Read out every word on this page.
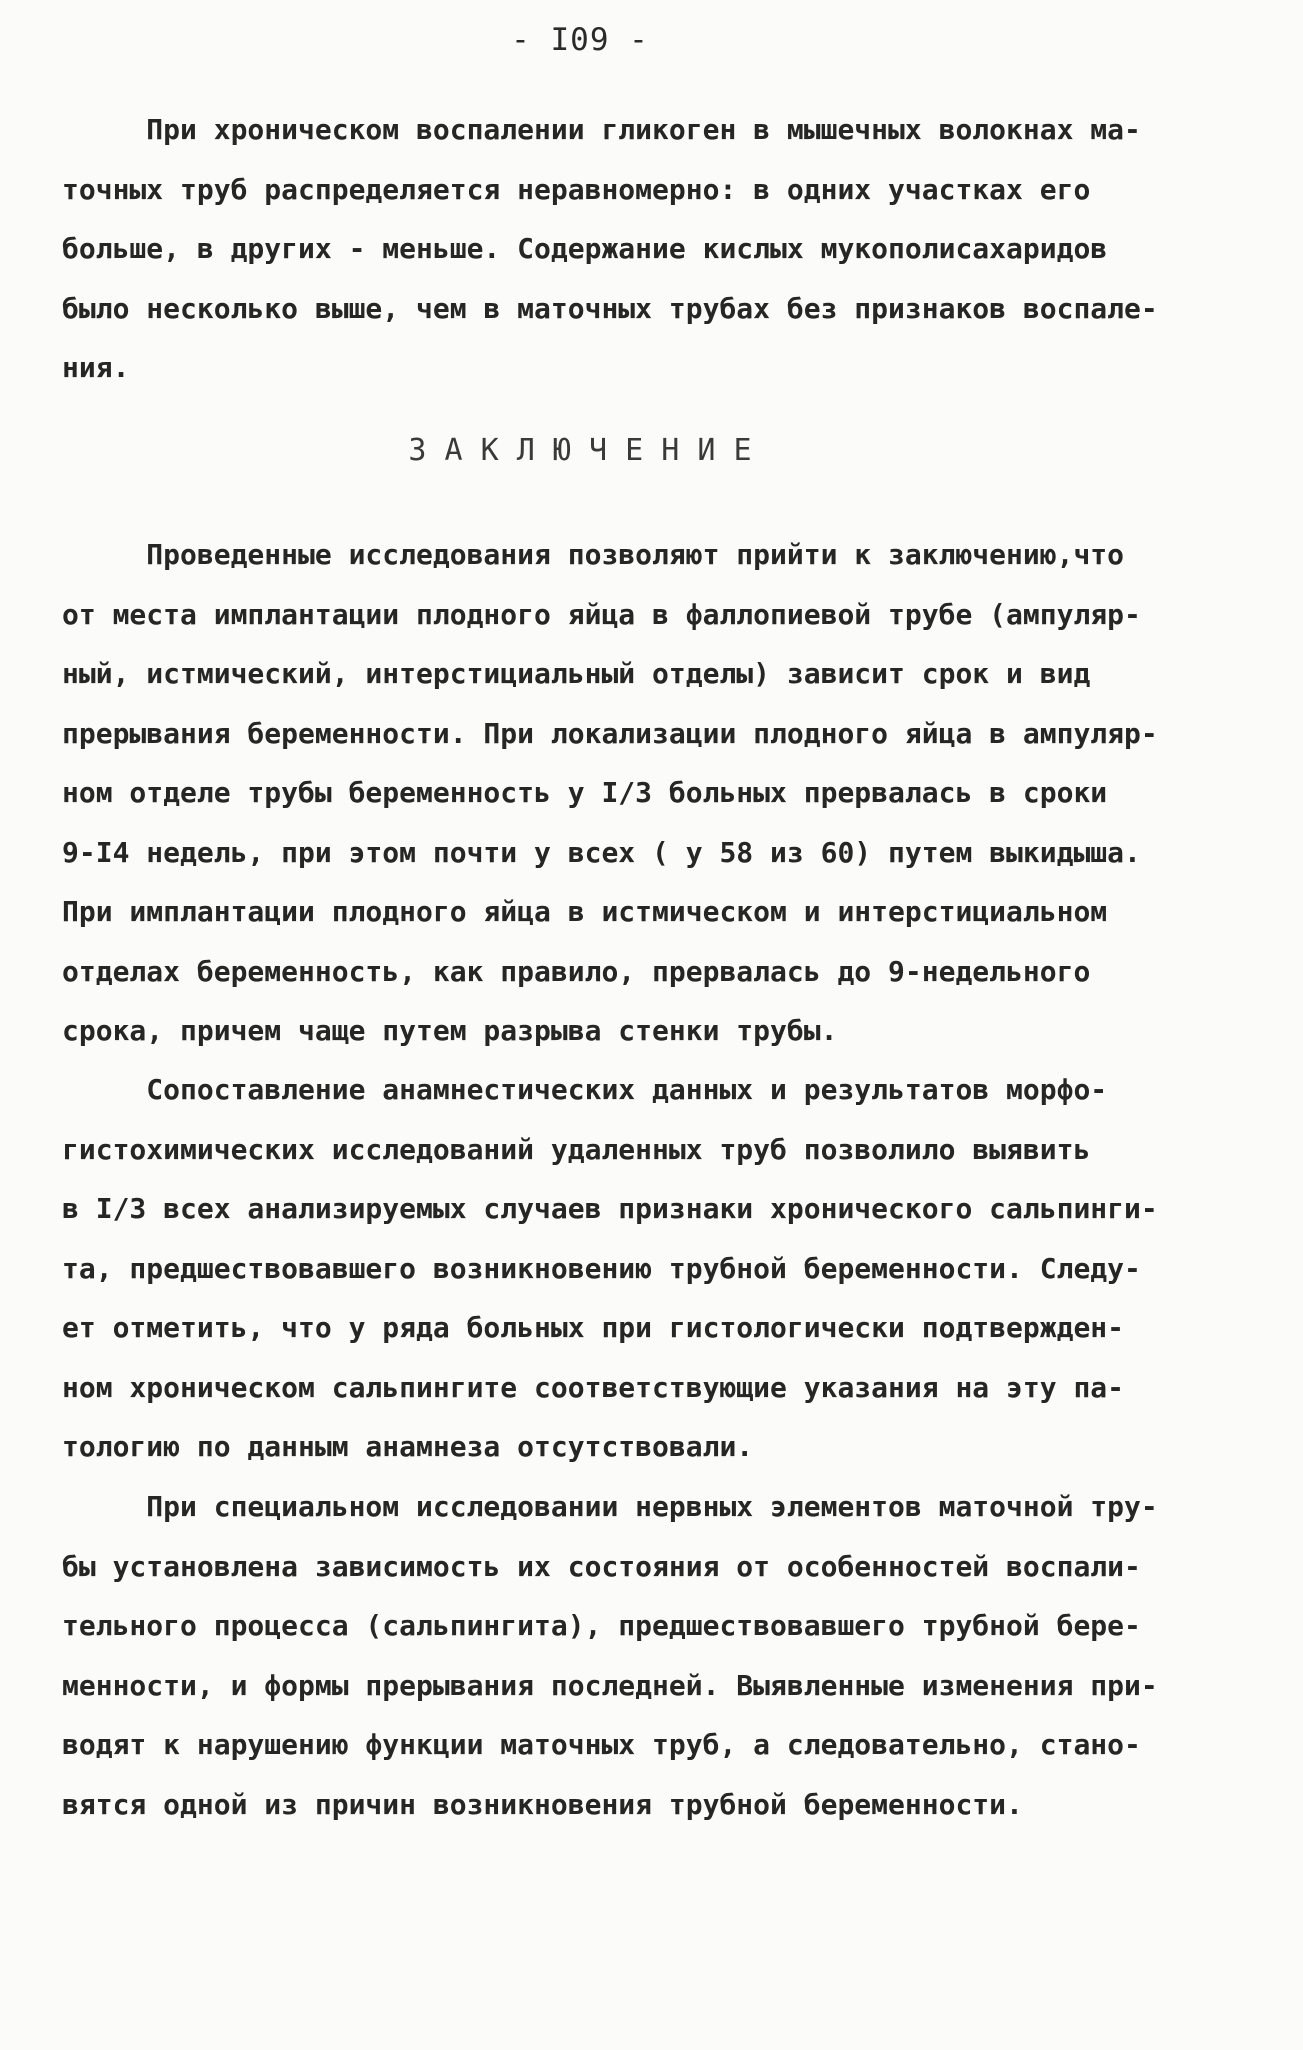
- I09 -
При хроническом воспалении гликоген в мышечных волокнах ма-
точных труб распределяется неравномерно: в одних участках его
больше, в других - меньше. Содержание кислых мукополисахаридов
было несколько выше, чем в маточных трубах без признаков воспале-
ния.
З А К Л Ю Ч Е Н И Е
Проведенные исследования позволяют прийти к заключению,что
от места имплантации плодного яйца в фаллопиевой трубе (ампуляр-
ный, истмический, интерстициальный отделы) зависит срок и вид
прерывания беременности. При локализации плодного яйца в ампуляр-
ном отделе трубы беременность у I/3 больных прервалась в сроки
9-I4 недель, при этом почти у всех ( у 58 из 60) путем выкидыша.
При имплантации плодного яйца в истмическом и интерстициальном
отделах беременность, как правило, прервалась до 9-недельного
срока, причем чаще путем разрыва стенки трубы.
Сопоставление анамнестических данных и результатов морфо-
гистохимических исследований удаленных труб позволило выявить
в I/3 всех анализируемых случаев признаки хронического сальпинги-
та, предшествовавшего возникновению трубной беременности. Следу-
ет отметить, что у ряда больных при гистологически подтвержден-
ном хроническом сальпингите соответствующие указания на эту па-
тологию по данным анамнеза отсутствовали.
При специальном исследовании нервных элементов маточной тру-
бы установлена зависимость их состояния от особенностей воспали-
тельного процесса (сальпингита), предшествовавшего трубной бере-
менности, и формы прерывания последней. Выявленные изменения при-
водят к нарушению функции маточных труб, а следовательно, стано-
вятся одной из причин возникновения трубной беременности.
